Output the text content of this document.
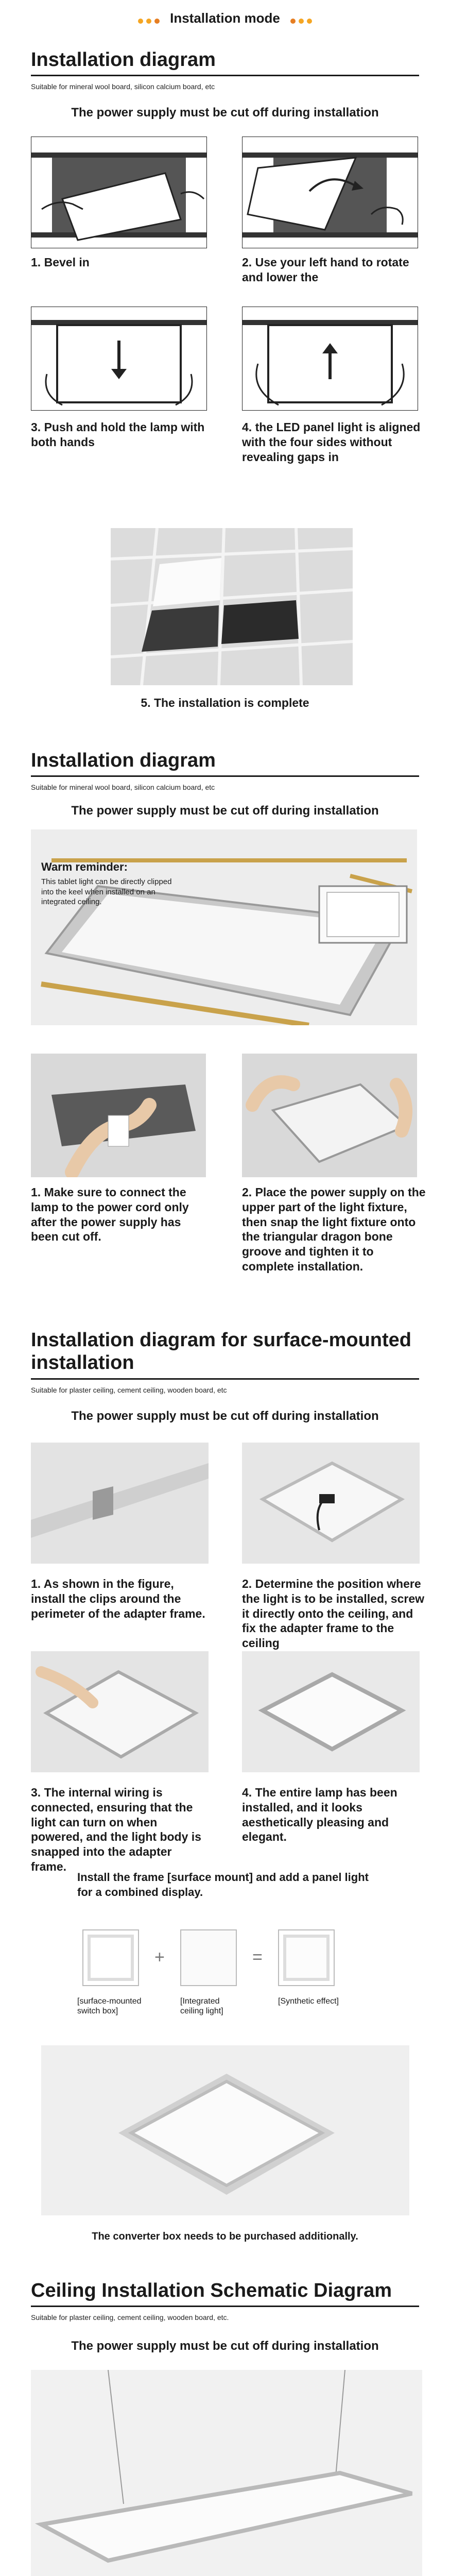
Installation mode
Installation diagram
Suitable for mineral wool board, silicon calcium board, etc
The power supply must be cut off during installation
1. Bevel in	2. Use your left hand to rotate and lower the
3. Push and hold the lamp with both hands
4. the LED panel light is aligned with the four sides without revealing gaps in
5. The installation is complete
Installation diagram
Suitable for mineral wool board, silicon calcium board, etc
The power supply must be cut off during installation
Warm reminder:
This tablet light can be directly clipped into the keel when installed on an integrated ceiling.
1. Make sure to connect the lamp to the power cord only after the power supply has been cut off.
2. Place the power supply on the upper part of the light fixture, then snap the light fixture onto the triangular dragon bone groove and tighten it to complete installation.
Installation diagram for surface-mounted installation
Suitable for plaster ceiling, cement ceiling, wooden board, etc
The power supply must be cut off during installation
1. As shown in the figure, install the clips around the perimeter of the adapter frame.
2. Determine the position where the light is to be installed, screw it directly onto the ceiling, and fix the adapter frame to the ceiling
3. The internal wiring is connected, ensuring that the light can turn on when powered, and the light body is snapped into the adapter frame.
4. The entire lamp has been installed, and it looks aesthetically pleasing and elegant.
Install the frame [surface mount] and add a panel light for a combined display.
+	=
[surface-mounted switch box]
[Integrated ceiling light]
[Synthetic effect]
The converter box needs to be purchased additionally.
Ceiling Installation Schematic Diagram
Suitable for plaster ceiling, cement ceiling, wooden board, etc.
The power supply must be cut off during installation
